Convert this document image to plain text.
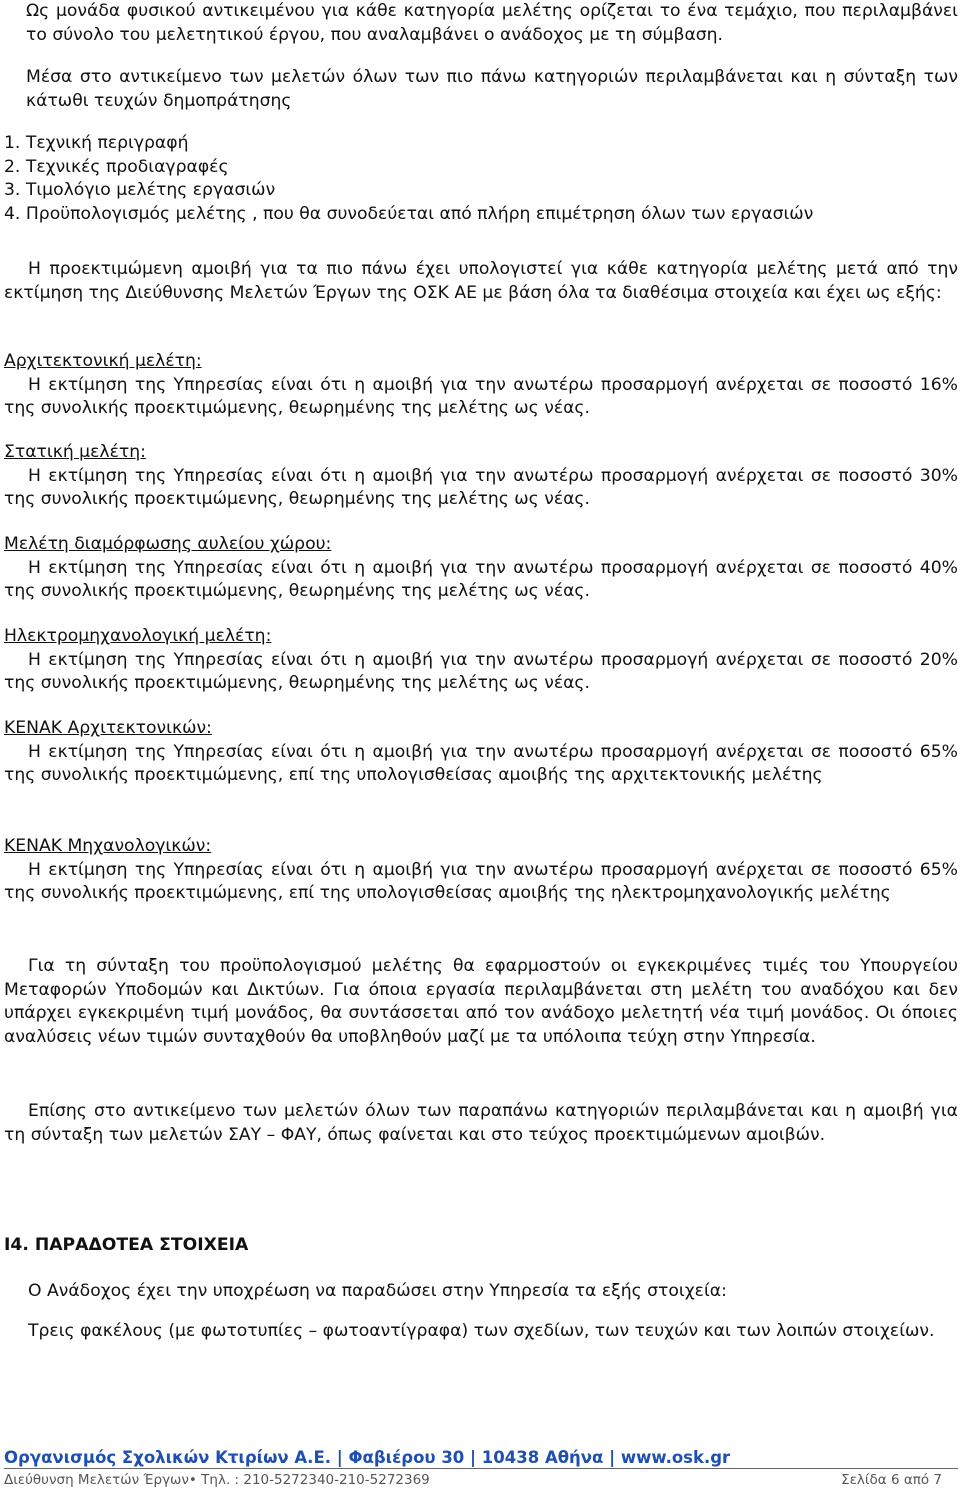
Ως μονάδα φυσικού αντικειμένου για κάθε κατηγορία μελέτης ορίζεται το ένα τεμάχιο, που περιλαμβάνει το σύνολο του μελετητικού έργου, που αναλαμβάνει ο ανάδοχος με τη σύμβαση.

Μέσα στο αντικείμενο των μελετών όλων των πιο πάνω κατηγοριών περιλαμβάνεται και η σύνταξη των κάτωθι τευχών δημοπράτησης

1. Τεχνική περιγραφή
2. Τεχνικές προδιαγραφές
3. Τιμολόγιο μελέτης εργασιών
4. Προϋπολογισμός μελέτης , που θα συνοδεύεται από πλήρη επιμέτρηση όλων των εργασιών

Η προεκτιμώμενη αμοιβή για τα πιο πάνω έχει υπολογιστεί για κάθε κατηγορία μελέτης μετά από την εκτίμηση της Διεύθυνσης Μελετών Έργων της ΟΣΚ ΑΕ με βάση όλα τα διαθέσιμα στοιχεία και έχει ως εξής:

Αρχιτεκτονική μελέτη:

Η εκτίμηση της Υπηρεσίας είναι ότι η αμοιβή για την ανωτέρω προσαρμογή ανέρχεται σε ποσοστό 16% της συνολικής προεκτιμώμενης, θεωρημένης της μελέτης ως νέας.

Στατική μελέτη:

Η εκτίμηση της Υπηρεσίας είναι ότι η αμοιβή για την ανωτέρω προσαρμογή ανέρχεται σε ποσοστό 30% της συνολικής προεκτιμώμενης, θεωρημένης της μελέτης ως νέας.

Μελέτη διαμόρφωσης αυλείου χώρου:

Η εκτίμηση της Υπηρεσίας είναι ότι η αμοιβή για την ανωτέρω προσαρμογή ανέρχεται σε ποσοστό 40% της συνολικής προεκτιμώμενης, θεωρημένης της μελέτης ως νέας.

Ηλεκτρομηχανολογική μελέτη:

Η εκτίμηση της Υπηρεσίας είναι ότι η αμοιβή για την ανωτέρω προσαρμογή ανέρχεται σε ποσοστό 20% της συνολικής προεκτιμώμενης, θεωρημένης της μελέτης ως νέας.

ΚΕΝΑΚ Αρχιτεκτονικών:

Η εκτίμηση της Υπηρεσίας είναι ότι η αμοιβή για την ανωτέρω προσαρμογή ανέρχεται σε ποσοστό 65% της συνολικής προεκτιμώμενης, επί της υπολογισθείσας αμοιβής της αρχιτεκτονικής μελέτης

ΚΕΝΑΚ Μηχανολογικών:

Η εκτίμηση της Υπηρεσίας είναι ότι η αμοιβή για την ανωτέρω προσαρμογή ανέρχεται σε ποσοστό 65% της συνολικής προεκτιμώμενης, επί της υπολογισθείσας αμοιβής της ηλεκτρομηχανολογικής μελέτης

Για τη σύνταξη του προϋπολογισμού μελέτης θα εφαρμοστούν οι εγκεκριμένες τιμές του Υπουργείου Μεταφορών Υποδομών και Δικτύων. Για όποια εργασία περιλαμβάνεται στη μελέτη του αναδόχου και δεν υπάρχει εγκεκριμένη τιμή μονάδος, θα συντάσσεται από τον ανάδοχο μελετητή νέα τιμή μονάδος. Οι όποιες αναλύσεις νέων τιμών συνταχθούν θα υποβληθούν μαζί με τα υπόλοιπα τεύχη στην Υπηρεσία.

Επίσης στο αντικείμενο των μελετών όλων των παραπάνω κατηγοριών περιλαμβάνεται και η αμοιβή για τη σύνταξη των μελετών ΣΑΥ – ΦΑΥ, όπως φαίνεται και στο τεύχος προεκτιμώμενων αμοιβών.

Ι4. ΠΑΡΑΔΟΤΕΑ ΣΤΟΙΧΕΙΑ

Ο Ανάδοχος έχει την υποχρέωση να παραδώσει στην Υπηρεσία τα εξής στοιχεία:

Τρεις φακέλους (με φωτοτυπίες – φωτοαντίγραφα) των σχεδίων, των τευχών και των λοιπών στοιχείων.

Οργανισμός Σχολικών Κτιρίων Α.Ε. | Φαβιέρου 30 | 10438 Αθήνα | www.osk.gr
Διεύθυνση Μελετών Έργων• Τηλ. : 210-5272340-210-5272369	Σελίδα 6 από 7
